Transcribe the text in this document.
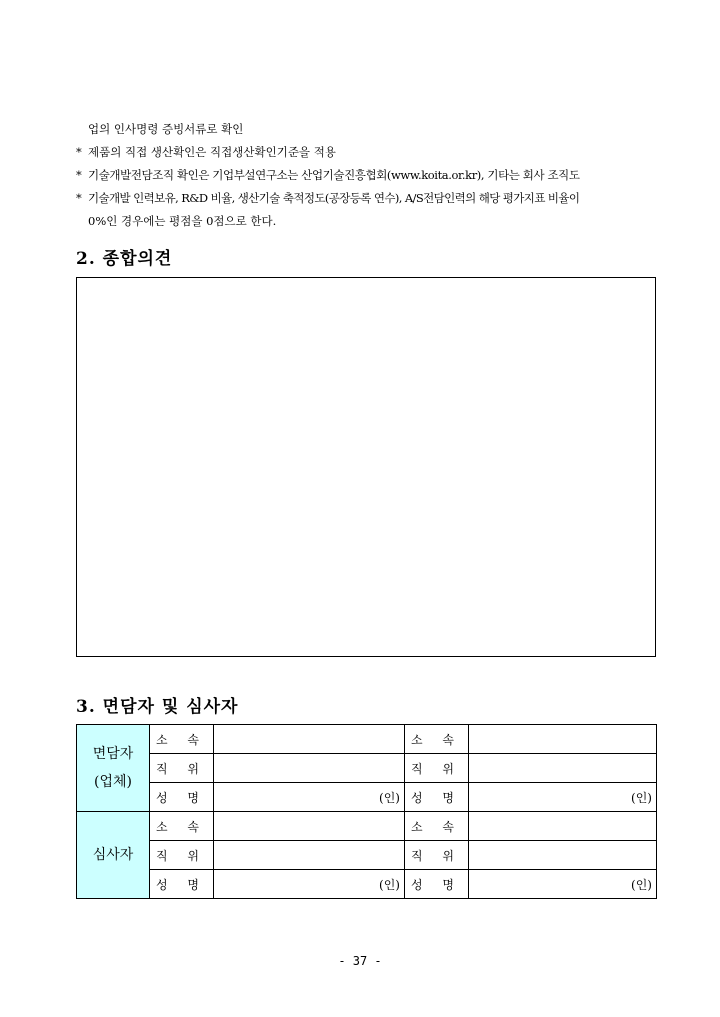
업의 인사명령 증빙서류로 확인
* 제품의 직접 생산확인은 직접생산확인기준을 적용
* 기술개발전담조직 확인은 기업부설연구소는 산업기술진흥협회(www.koita.or.kr), 기타는 회사 조직도
* 기술개발 인력보유, R&D 비율, 생산기술 축적정도(공장등록 연수), A/S전담인력의 해당 평가지표 비율이
0%인 경우에는 평점을 0점으로 한다.
2. 종합의견
3. 면담자 및 심사자
면담자
(업체)	소 속		소 속	
	직 위		직 위	
	성 명	(인)	성 명	(인)
심사자	소 속		소 속	
	직 위		직 위	
	성 명	(인)	성 명	(인)
- 37 -
